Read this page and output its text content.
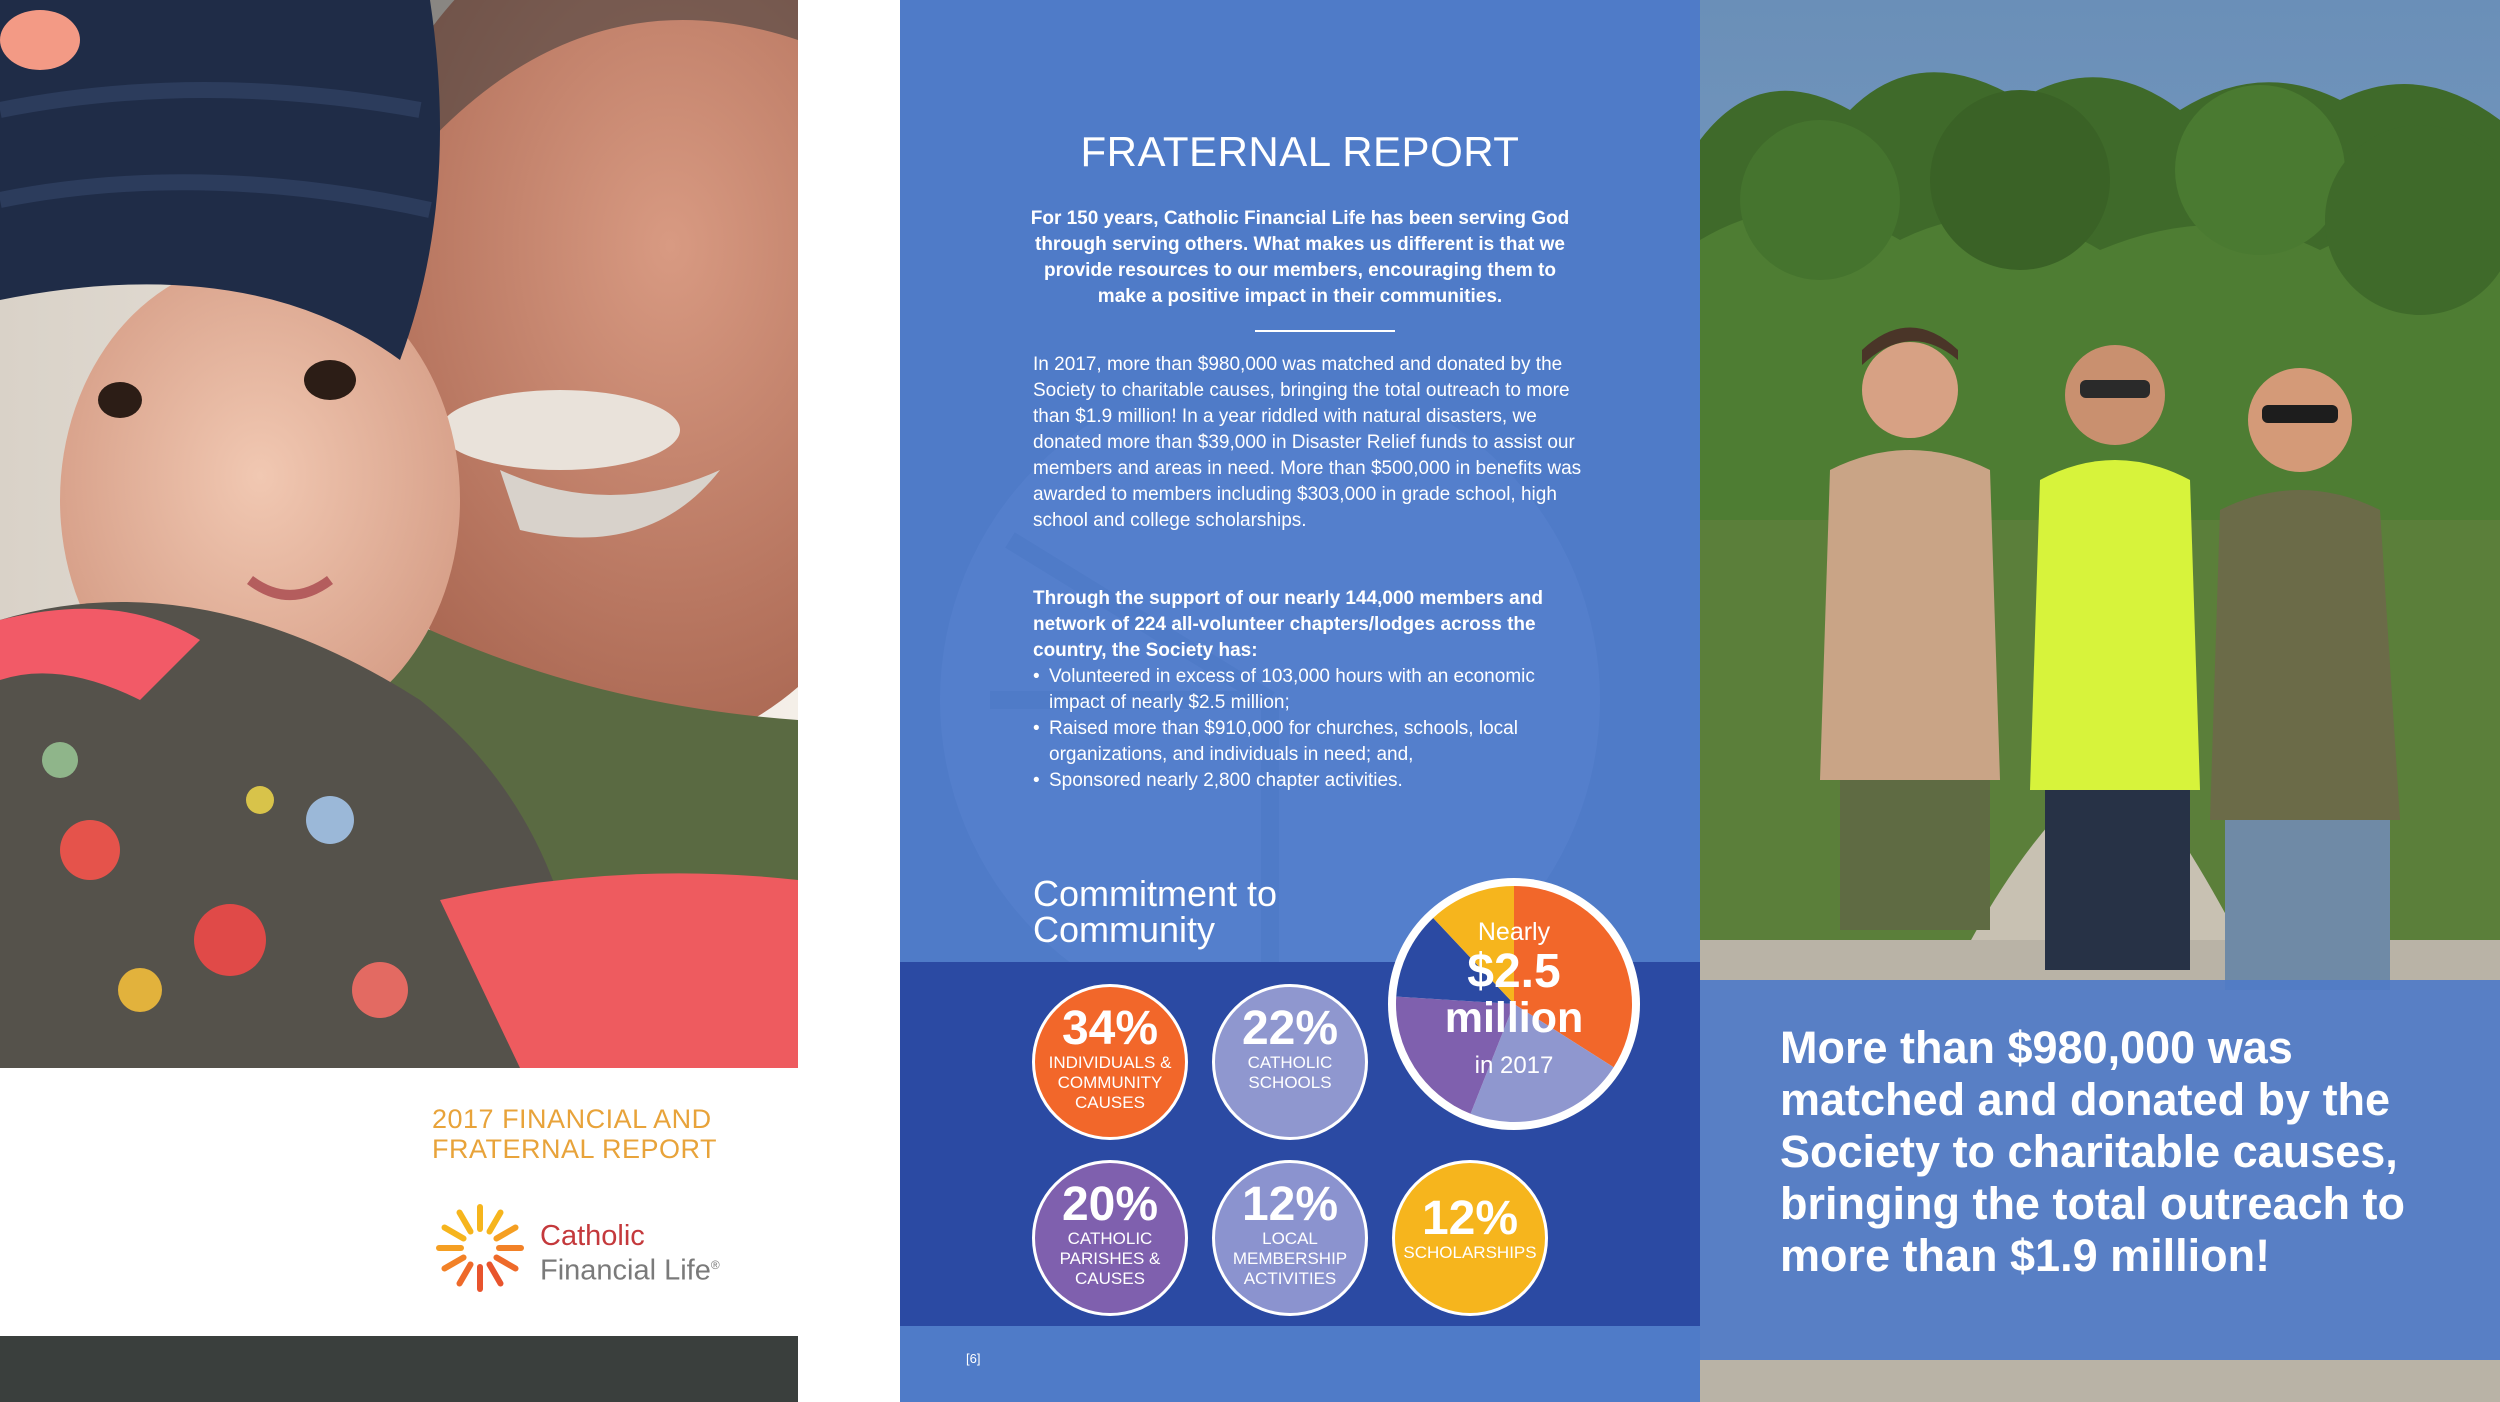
2017 FINANCIAL AND
FRATERNAL REPORT
Catholic
Financial Life®
FRATERNAL REPORT
For 150 years, Catholic Financial Life has been serving God through serving others. What makes us different is that we provide resources to our members, encouraging them to make a positive impact in their communities.
In 2017, more than $980,000 was matched and donated by the Society to charitable causes, bringing the total outreach to more than $1.9 million! In a year riddled with natural disasters, we donated more than $39,000 in Disaster Relief funds to assist our members and areas in need. More than $500,000 in benefits was awarded to members including $303,000 in grade school, high school and college scholarships.
Through the support of our nearly 144,000 members and network of 224 all-volunteer chapters/lodges across the country, the Society has:
• Volunteered in excess of 103,000 hours with an economic impact of nearly $2.5 million;
• Raised more than $910,000 for churches, schools, local organizations, and individuals in need; and,
• Sponsored nearly 2,800 chapter activities.
Commitment to
Community
34%
INDIVIDUALS & COMMUNITY CAUSES
22%
CATHOLIC SCHOOLS
20%
CATHOLIC PARISHES & CAUSES
12%
LOCAL MEMBERSHIP ACTIVITIES
12%
SCHOLARSHIPS
Nearly
$2.5
million
in 2017
[6]
More than $980,000 was matched and donated by the Society to charitable causes, bringing the total outreach to more than $1.9 million!
